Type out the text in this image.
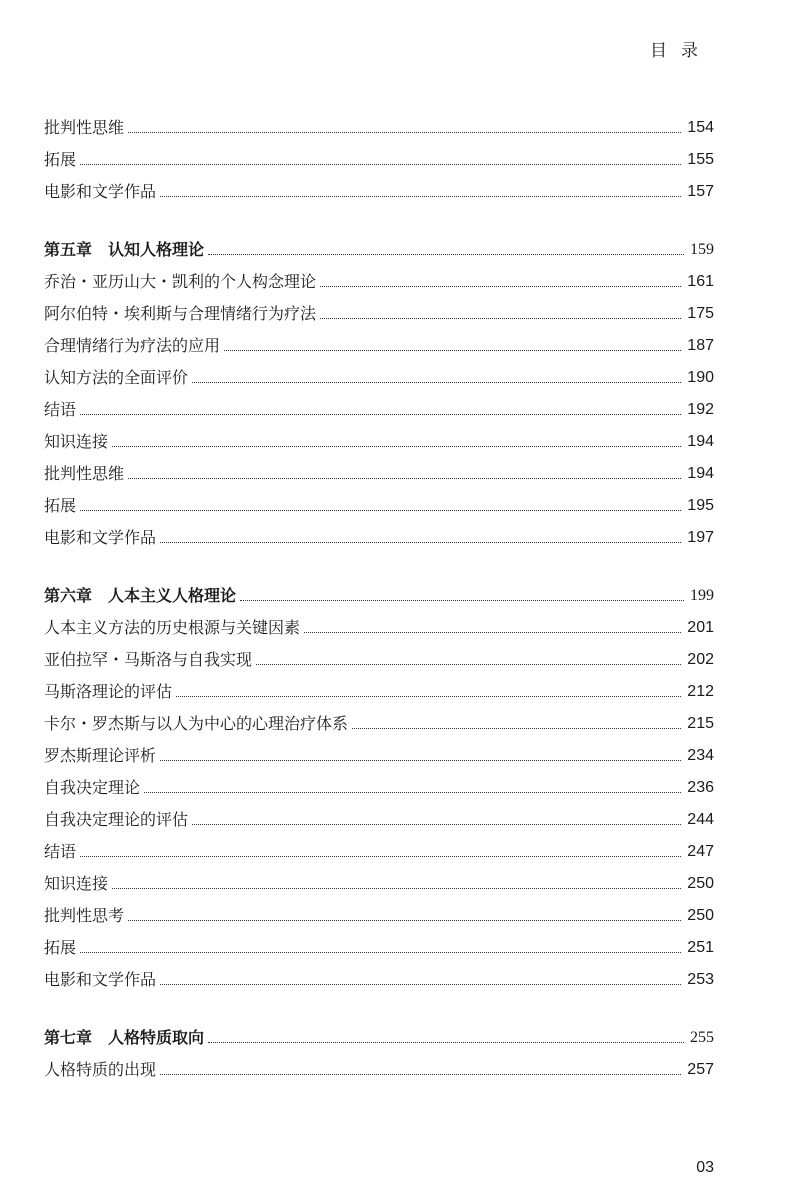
目录
批判性思维	154
拓展	155
电影和文学作品	157
第五章　认知人格理论	159
乔治・亚历山大・凯利的个人构念理论	161
阿尔伯特・埃利斯与合理情绪行为疗法	175
合理情绪行为疗法的应用	187
认知方法的全面评价	190
结语	192
知识连接	194
批判性思维	194
拓展	195
电影和文学作品	197
第六章　人本主义人格理论	199
人本主义方法的历史根源与关键因素	201
亚伯拉罕・马斯洛与自我实现	202
马斯洛理论的评估	212
卡尔・罗杰斯与以人为中心的心理治疗体系	215
罗杰斯理论评析	234
自我决定理论	236
自我决定理论的评估	244
结语	247
知识连接	250
批判性思考	250
拓展	251
电影和文学作品	253
第七章　人格特质取向	255
人格特质的出现	257
03
